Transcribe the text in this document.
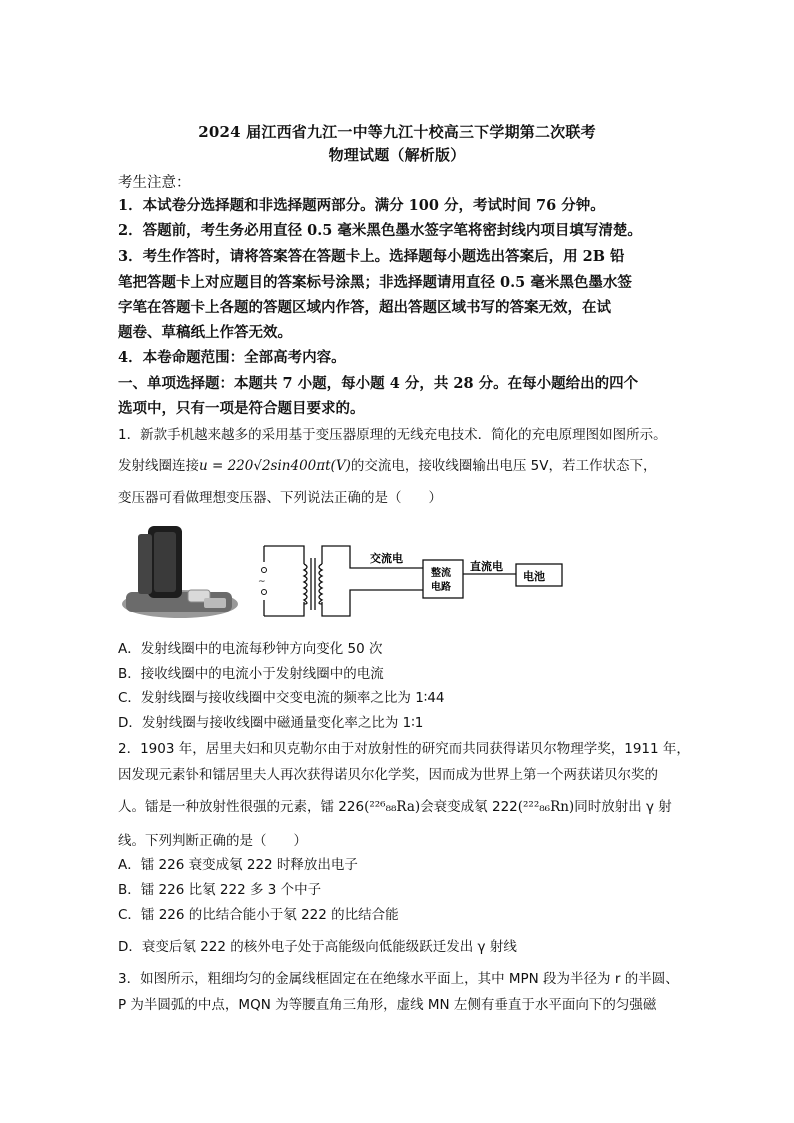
2024 届江西省九江一中等九江十校高三下学期第二次联考
物理试题（解析版）
考生注意：
1．本试卷分选择题和非选择题两部分。满分 100 分，考试时间 76 分钟。
2．答题前，考生务必用直径 0.5 毫米黑色墨水签字笔将密封线内项目填写清楚。
3．考生作答时，请将答案答在答题卡上。选择题每小题选出答案后，用 2B 铅
笔把答题卡上对应题目的答案标号涂黑；非选择题请用直径 0.5 毫米黑色墨水签
字笔在答题卡上各题的答题区域内作答，超出答题区域书写的答案无效，在试
题卷、草稿纸上作答无效。
4．本卷命题范围：全部高考内容。
一、单项选择题：本题共 7 小题，每小题 4 分，共 28 分。在每小题给出的四个
选项中，只有一项是符合题目要求的。
1．新款手机越来越多的采用基于变压器原理的无线充电技术．简化的充电原理图如图所示。
发射线圈连接u = 220√2sin400πt(V)的交流电，接收线圈输出电压 5V，若工作状态下，
变压器可看做理想变压器、下列说法正确的是（　　）
~
交流电
整流
电路
直流电
电池
A．发射线圈中的电流每秒钟方向变化 50 次
B．接收线圈中的电流小于发射线圈中的电流
C．发射线圈与接收线圈中交变电流的频率之比为 1∶44
D．发射线圈与接收线圈中磁通量变化率之比为 1∶1
2．1903 年，居里夫妇和贝克勒尔由于对放射性的研究而共同获得诺贝尔物理学奖，1911 年，
因发现元素钋和镭居里夫人再次获得诺贝尔化学奖，因而成为世界上第一个两获诺贝尔奖的
人。镭是一种放射性很强的元素，镭 226(²²⁶₈₈Ra)会衰变成氡 222(²²²₈₆Rn)同时放射出 γ 射
线。下列判断正确的是（　　）
A．镭 226 衰变成氡 222 时释放出电子
B．镭 226 比氡 222 多 3 个中子
C．镭 226 的比结合能小于氡 222 的比结合能
D．衰变后氡 222 的核外电子处于高能级向低能级跃迁发出 γ 射线
3．如图所示，粗细均匀的金属线框固定在在绝缘水平面上，其中 MPN 段为半径为 r 的半圆、
P 为半圆弧的中点，MQN 为等腰直角三角形，虚线 MN 左侧有垂直于水平面向下的匀强磁
